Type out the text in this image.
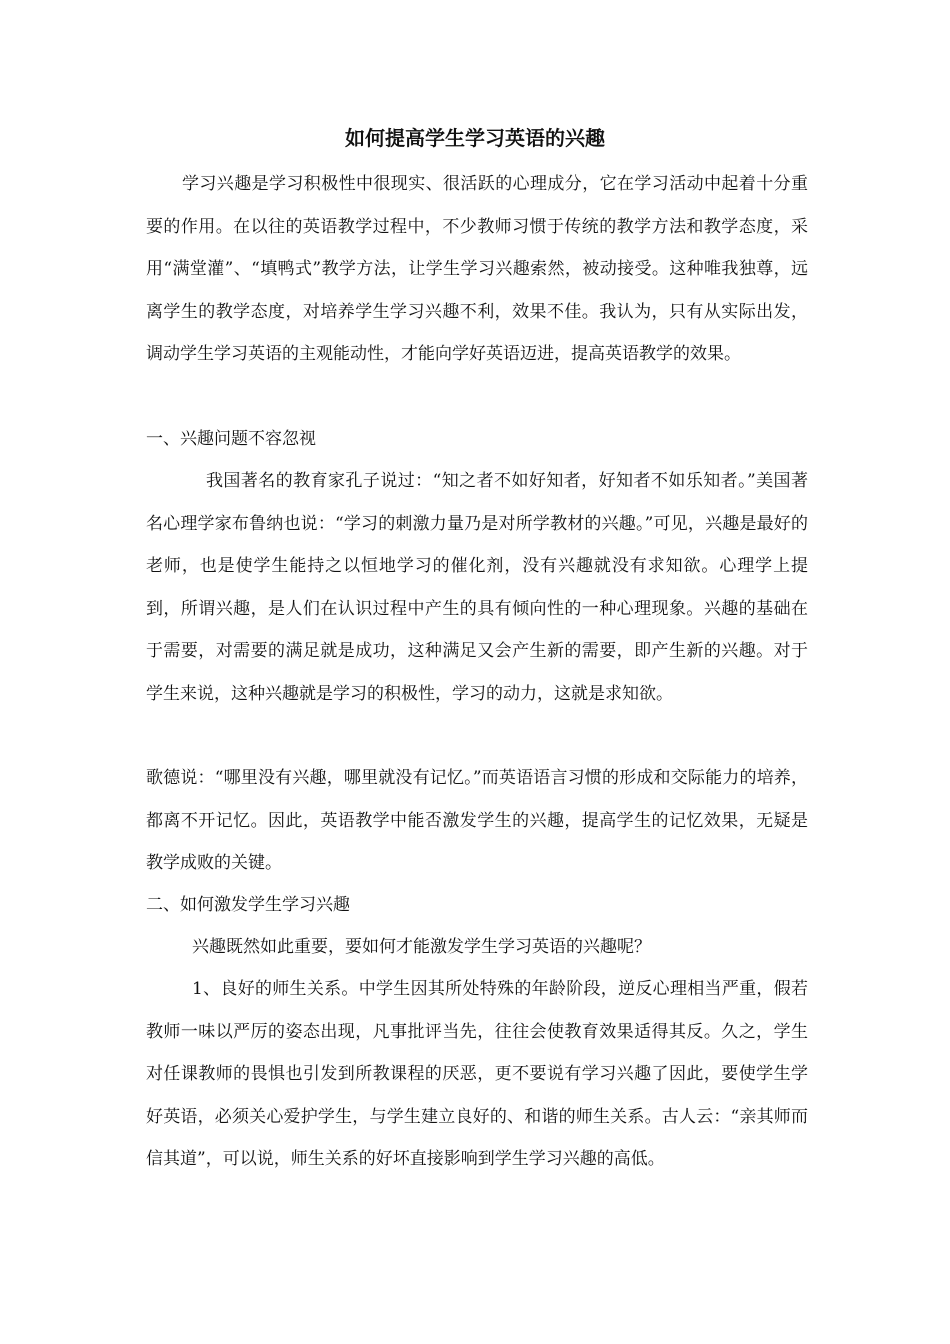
如何提高学生学习英语的兴趣

学习兴趣是学习积极性中很现实、很活跃的心理成分，它在学习活动中起着十分重要的作用。在以往的英语教学过程中，不少教师习惯于传统的教学方法和教学态度，采用“满堂灌”、“填鸭式”教学方法，让学生学习兴趣索然，被动接受。这种唯我独尊，远离学生的教学态度，对培养学生学习兴趣不利，效果不佳。我认为，只有从实际出发，调动学生学习英语的主观能动性，才能向学好英语迈进，提高英语教学的效果。

一、兴趣问题不容忽视

我国著名的教育家孔子说过：“知之者不如好知者，好知者不如乐知者。”美国著名心理学家布鲁纳也说：“学习的刺激力量乃是对所学教材的兴趣。”可见，兴趣是最好的老师，也是使学生能持之以恒地学习的催化剂，没有兴趣就没有求知欲。心理学上提到，所谓兴趣，是人们在认识过程中产生的具有倾向性的一种心理现象。兴趣的基础在于需要，对需要的满足就是成功，这种满足又会产生新的需要，即产生新的兴趣。对于学生来说，这种兴趣就是学习的积极性，学习的动力，这就是求知欲。

歌德说：“哪里没有兴趣，哪里就没有记忆。”而英语语言习惯的形成和交际能力的培养，都离不开记忆。因此，英语教学中能否激发学生的兴趣，提高学生的记忆效果，无疑是教学成败的关键。

二、如何激发学生学习兴趣

兴趣既然如此重要，要如何才能激发学生学习英语的兴趣呢？

1、良好的师生关系。中学生因其所处特殊的年龄阶段，逆反心理相当严重，假若教师一味以严厉的姿态出现，凡事批评当先，往往会使教育效果适得其反。久之，学生对任课教师的畏惧也引发到所教课程的厌恶，更不要说有学习兴趣了因此，要使学生学好英语，必须关心爱护学生，与学生建立良好的、和谐的师生关系。古人云：“亲其师而信其道”，可以说，师生关系的好坏直接影响到学生学习兴趣的高低。
